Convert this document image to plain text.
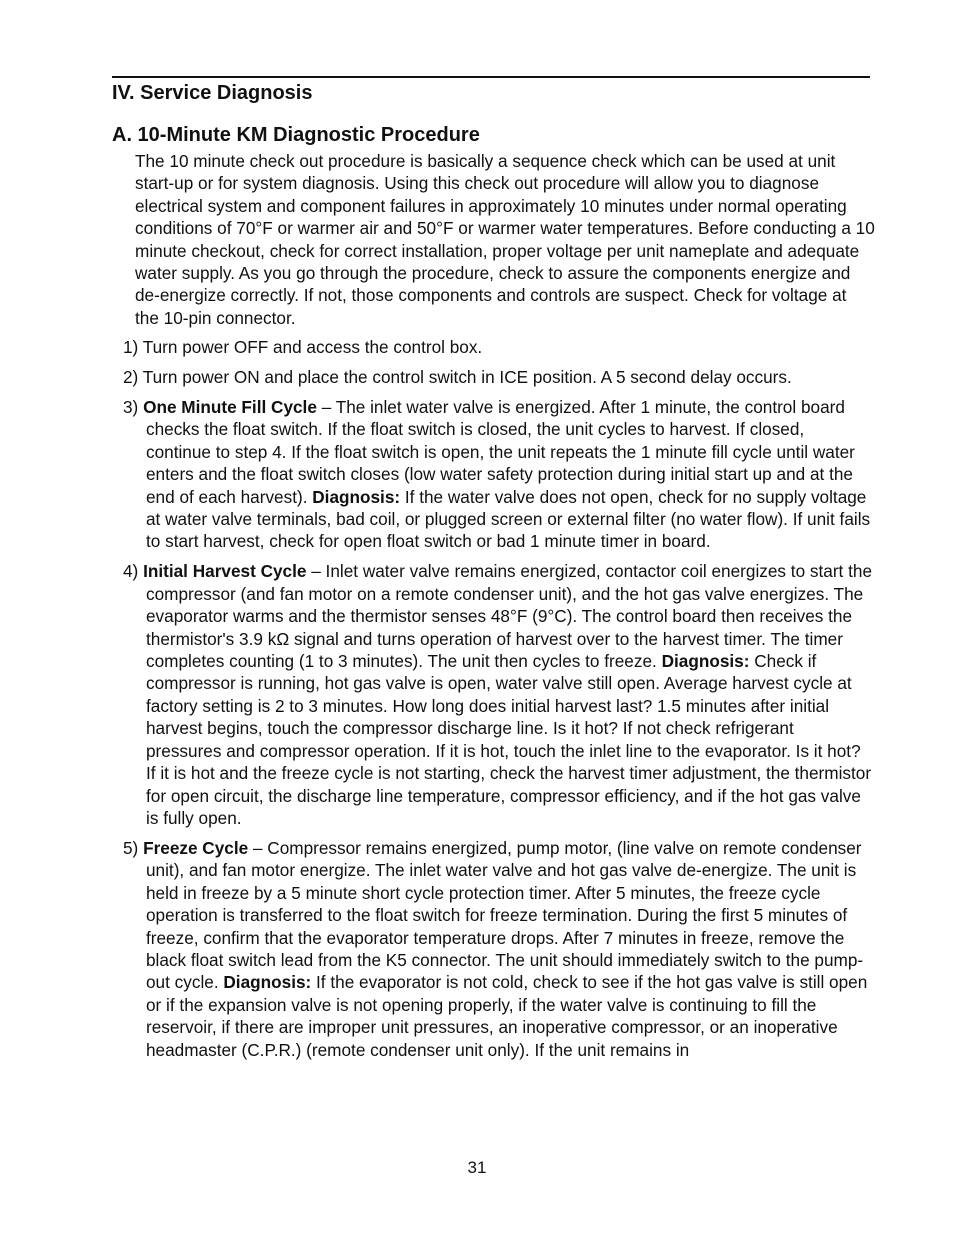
IV. Service Diagnosis
A. 10-Minute KM Diagnostic Procedure

The 10 minute check out procedure is basically a sequence check which can be used at unit start-up or for system diagnosis. Using this check out procedure will allow you to diagnose electrical system and component failures in approximately 10 minutes under normal operating conditions of 70°F or warmer air and 50°F or warmer water temperatures. Before conducting a 10 minute checkout, check for correct installation, proper voltage per unit nameplate and adequate water supply. As you go through the procedure, check to assure the components energize and de-energize correctly. If not, those components and controls are suspect. Check for voltage at the 10-pin connector.

1) Turn power OFF and access the control box.
2) Turn power ON and place the control switch in ICE position. A 5 second delay occurs.
3) One Minute Fill Cycle – The inlet water valve is energized. After 1 minute, the control board checks the float switch. If the float switch is closed, the unit cycles to harvest. If closed, continue to step 4. If the float switch is open, the unit repeats the 1 minute fill cycle until water enters and the float switch closes (low water safety protection during initial start up and at the end of each harvest). Diagnosis: If the water valve does not open, check for no supply voltage at water valve terminals, bad coil, or plugged screen or external filter (no water flow). If unit fails to start harvest, check for open float switch or bad 1 minute timer in board.
4) Initial Harvest Cycle – Inlet water valve remains energized, contactor coil energizes to start the compressor (and fan motor on a remote condenser unit), and the hot gas valve energizes. The evaporator warms and the thermistor senses 48°F (9°C). The control board then receives the thermistor's 3.9 kΩ signal and turns operation of harvest over to the harvest timer. The timer completes counting (1 to 3 minutes). The unit then cycles to freeze. Diagnosis: Check if compressor is running, hot gas valve is open, water valve still open. Average harvest cycle at factory setting is 2 to 3 minutes. How long does initial harvest last? 1.5 minutes after initial harvest begins, touch the compressor discharge line. Is it hot? If not check refrigerant pressures and compressor operation. If it is hot, touch the inlet line to the evaporator. Is it hot? If it is hot and the freeze cycle is not starting, check the harvest timer adjustment, the thermistor for open circuit, the discharge line temperature, compressor efficiency, and if the hot gas valve is fully open.
5) Freeze Cycle – Compressor remains energized, pump motor, (line valve on remote condenser unit), and fan motor energize. The inlet water valve and hot gas valve de-energize. The unit is held in freeze by a 5 minute short cycle protection timer. After 5 minutes, the freeze cycle operation is transferred to the float switch for freeze termination. During the first 5 minutes of freeze, confirm that the evaporator temperature drops. After 7 minutes in freeze, remove the black float switch lead from the K5 connector. The unit should immediately switch to the pump-out cycle. Diagnosis: If the evaporator is not cold, check to see if the hot gas valve is still open or if the expansion valve is not opening properly, if the water valve is continuing to fill the reservoir, if there are improper unit pressures, an inoperative compressor, or an inoperative headmaster (C.P.R.) (remote condenser unit only). If the unit remains in
31
